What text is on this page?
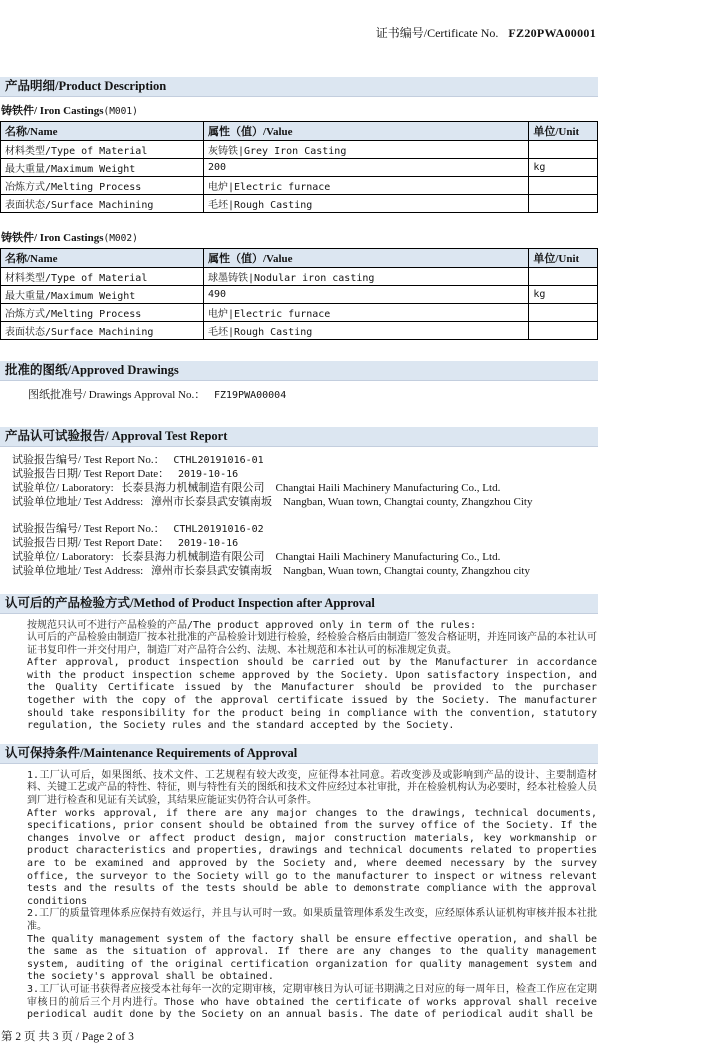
证书编号/Certificate No. FZ20PWA00001
产品明细/Product Description
铸铁件/ Iron Castings(M001)
名称/Name	属性（值）/Value	单位/Unit
材料类型/Type of Material	灰铸铁|Grey Iron Casting	
最大重量/Maximum Weight	200	kg
冶炼方式/Melting Process	电炉|Electric furnace	
表面状态/Surface Machining	毛坯|Rough Casting	
铸铁件/ Iron Castings(M002)
名称/Name	属性（值）/Value	单位/Unit
材料类型/Type of Material	球墨铸铁|Nodular iron casting	
最大重量/Maximum Weight	490	kg
冶炼方式/Melting Process	电炉|Electric furnace	
表面状态/Surface Machining	毛坯|Rough Casting	
批准的图纸/Approved Drawings
图纸批准号/ Drawings Approval No.： FZ19PWA00004
产品认可试验报告/ Approval Test Report
试验报告编号/ Test Report No.： CTHL20191016-01
试验报告日期/ Test Report Date： 2019-10-16
试验单位/ Laboratory: 长泰县海力机械制造有限公司　Changtai Haili Machinery Manufacturing Co., Ltd.
试验单位地址/ Test Address: 漳州市长泰县武安镇南坂　Nangban, Wuan town, Changtai county, Zhangzhou City
试验报告编号/ Test Report No.： CTHL20191016-02
试验报告日期/ Test Report Date： 2019-10-16
试验单位/ Laboratory: 长泰县海力机械制造有限公司　Changtai Haili Machinery Manufacturing Co., Ltd.
试验单位地址/ Test Address: 漳州市长泰县武安镇南坂　Nangban, Wuan town, Changtai county, Zhangzhou city
认可后的产品检验方式/Method of Product Inspection after Approval

按规范只认可不进行产品检验的产品/The product approved only in term of the rules:

认可后的产品检验由制造厂按本社批准的产品检验计划进行检验，经检验合格后由制造厂签发合格证明，并连同该产品的本社认可证书复印件一并交付用户，制造厂对产品符合公约、法规、本社规范和本社认可的标准规定负责。

After approval, product inspection should be carried out by the Manufacturer in accordance with the product inspection scheme approved by the Society. Upon satisfactory inspection, and the Quality Certificate issued by the Manufacturer should be provided to the purchaser together with the copy of the approval certificate issued by the Society. The manufacturer should take responsibility for the product being in compliance with the convention, statutory regulation, the Society rules and the standard accepted by the Society.

认可保持条件/Maintenance Requirements of Approval

1.工厂认可后，如果图纸、技术文件、工艺规程有较大改变，应征得本社同意。若改变涉及或影响到产品的设计、主要制造材料、关键工艺或产品的特性、特征，则与特性有关的图纸和技术文件应经过本社审批，并在检验机构认为必要时，经本社检验人员到厂进行检查和见证有关试验，其结果应能证实仍符合认可条件。

After works approval, if there are any major changes to the drawings, technical documents, specifications, prior consent should be obtained from the survey office of the Society. If the changes involve or affect product design, major construction materials, key workmanship or product characteristics and properties, drawings and technical documents related to properties are to be examined and approved by the Society and, where deemed necessary by the survey office, the surveyor to the Society will go to the manufacturer to inspect or witness relevant tests and the results of the tests should be able to demonstrate compliance with the approval conditions

2.工厂的质量管理体系应保持有效运行，并且与认可时一致。如果质量管理体系发生改变，应经原体系认证机构审核并报本社批准。

The quality management system of the factory shall be ensure effective operation, and shall be the same as the situation of approval. If there are any changes to the quality management system, auditing of the original certification organization for quality management system and the society's approval shall be obtained.

3.工厂认可证书获得者应接受本社每年一次的定期审核，定期审核日为认可证书期满之日对应的每一周年日，检查工作应在定期审核日的前后三个月内进行。Those who have obtained the certificate of works approval shall receive periodical audit done by the Society on an annual basis. The date of periodical audit shall be

第 2 页 共 3 页 / Page 2 of 3
